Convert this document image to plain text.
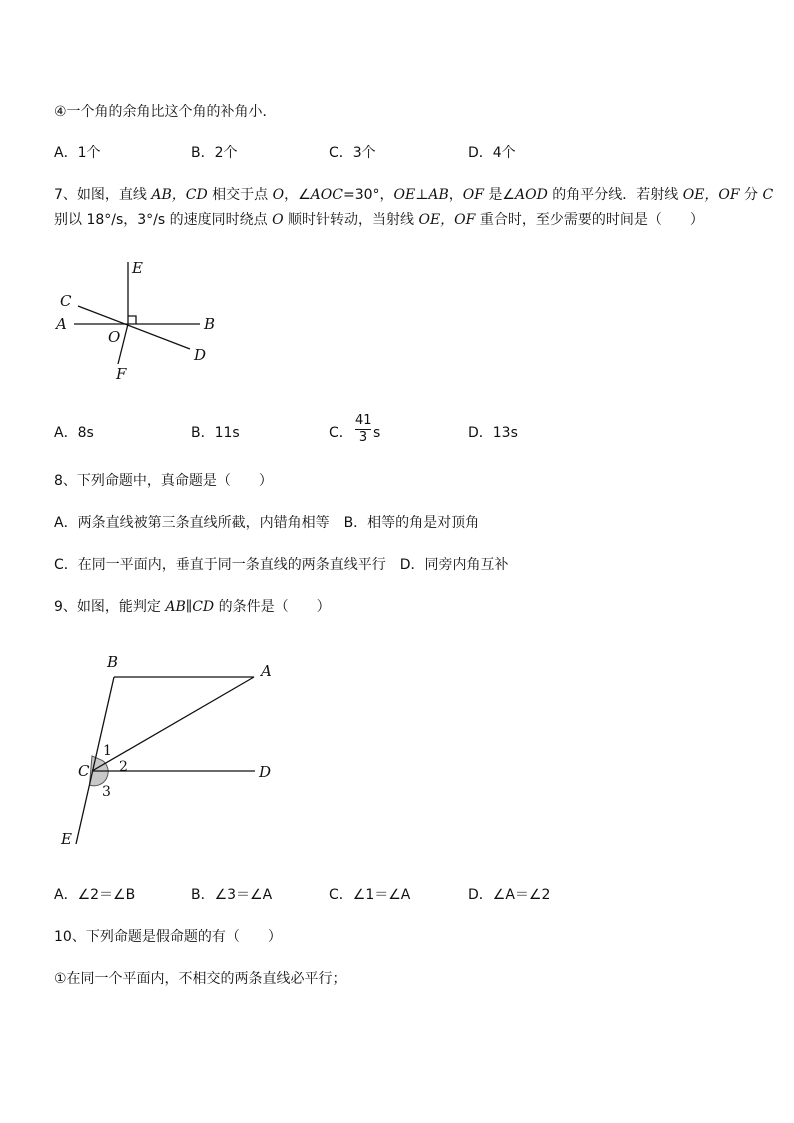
④一个角的余角比这个角的补角小．

A．1个	B．2个	C．3个	D．4个

7、如图，直线 AB，CD 相交于点 O，∠AOC=30°，OE⊥AB，OF 是∠AOD 的角平分线．若射线 OE，OF 分 C

别以 18°/s，3°/s 的速度同时绕点 O 顺时针转动，当射线 OE，OF 重合时，至少需要的时间是（　　）

E
C
A
O
B
D
F
A．8s	B．11s	C．
41
3 s	D．13s

8、下列命题中，真命题是（　　）

A．两条直线被第三条直线所截，内错角相等　B．相等的角是对顶角

C．在同一平面内，垂直于同一条直线的两条直线平行　D．同旁内角互补

9、如图，能判定 AB∥CD 的条件是（　　）

B	A
C	D
E
1
2
3
A．∠2＝∠B	B．∠3＝∠A	C．∠1＝∠A	D．∠A＝∠2

10、下列命题是假命题的有（　　）

①在同一个平面内，不相交的两条直线必平行；
